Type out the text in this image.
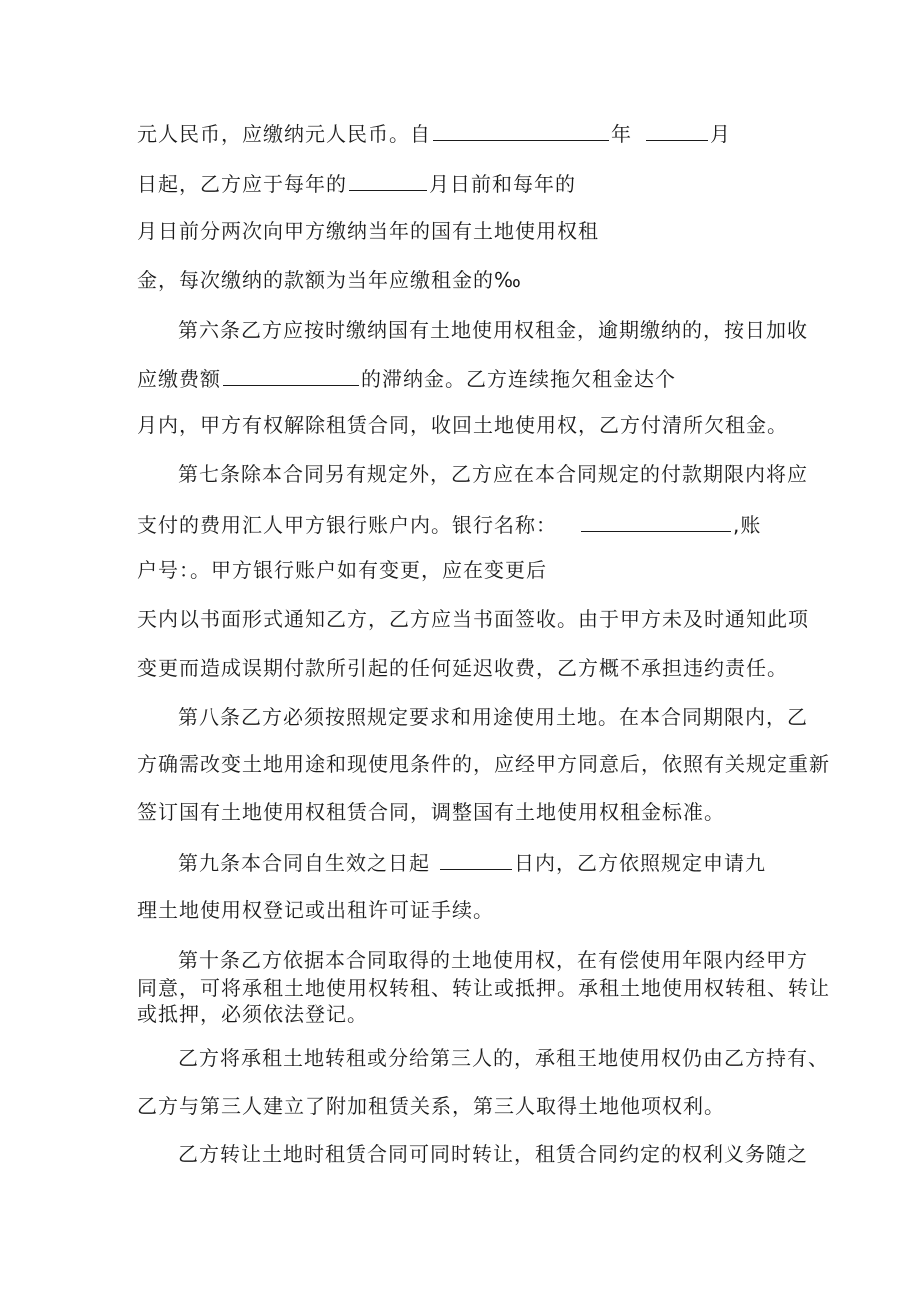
元人民币，应缴纳元人民币。自	年	月

日起，乙方应于每年的	月日前和每年的

月日前分两次向甲方缴纳当年的国有土地使用权租

金，每次缴纳的款额为当年应缴租金的‰

第六条乙方应按时缴纳国有土地使用权租金，逾期缴纳的，按日加收

应缴费额	的滞纳金。乙方连续拖欠租金达个

月内，甲方有权解除租赁合同，收回土地使用权，乙方付清所欠租金。

第七条除本合同另有规定外，乙方应在本合同规定的付款期限内将应

支付的费用汇人甲方银行账户内。银行名称：	,账

户号：。甲方银行账户如有变更，应在变更后

天内以书面形式通知乙方，乙方应当书面签收。由于甲方未及时通知此项

变更而造成误期付款所引起的任何延迟收费，乙方概不承担违约责任。

第八条乙方必须按照规定要求和用途使用土地。在本合同期限内，乙

方确需改变土地用途和现使甩条件的，应经甲方同意后，依照有关规定重新

签订国有土地使用权租赁合同，调整国有土地使用权租金标准。

第九条本合同自生效之日起	日内，乙方依照规定申请九

理土地使用权登记或出租许可证手续。

第十条乙方依据本合同取得的土地使用权，在有偿使用年限内经甲方

同意，可将承租土地使用权转租、转让或抵押。承租土地使用权转租、转让

或抵押，必须依法登记。

乙方将承租土地转租或分给第三人的，承租王地使用权仍由乙方持有、

乙方与第三人建立了附加租赁关系，第三人取得土地他项权利。

乙方转让土地时租赁合同可同时转让，租赁合同约定的权利义务随之
